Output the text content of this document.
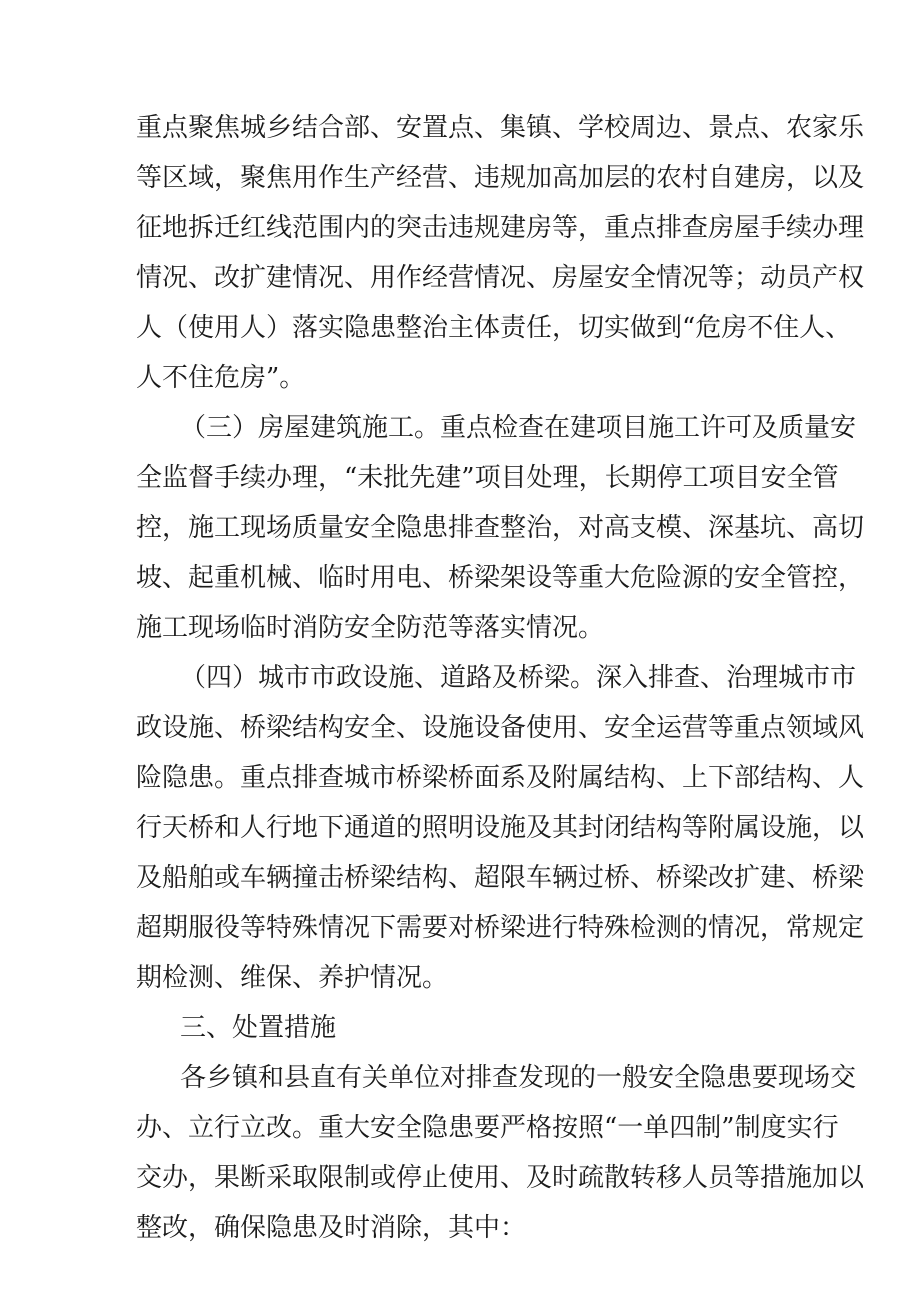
重点聚焦城乡结合部、安置点、集镇、学校周边、景点、农家乐
等区域，聚焦用作生产经营、违规加高加层的农村自建房，以及
征地拆迁红线范围内的突击违规建房等，重点排查房屋手续办理
情况、改扩建情况、用作经营情况、房屋安全情况等；动员产权
人（使用人）落实隐患整治主体责任，切实做到“危房不住人、
人不住危房”。
（三）房屋建筑施工。重点检查在建项目施工许可及质量安
全监督手续办理，“未批先建”项目处理，长期停工项目安全管
控，施工现场质量安全隐患排查整治，对高支模、深基坑、高切
坡、起重机械、临时用电、桥梁架设等重大危险源的安全管控，
施工现场临时消防安全防范等落实情况。
（四）城市市政设施、道路及桥梁。深入排查、治理城市市
政设施、桥梁结构安全、设施设备使用、安全运营等重点领域风
险隐患。重点排查城市桥梁桥面系及附属结构、上下部结构、人
行天桥和人行地下通道的照明设施及其封闭结构等附属设施，以
及船舶或车辆撞击桥梁结构、超限车辆过桥、桥梁改扩建、桥梁
超期服役等特殊情况下需要对桥梁进行特殊检测的情况，常规定
期检测、维保、养护情况。
三、处置措施
各乡镇和县直有关单位对排查发现的一般安全隐患要现场交
办、立行立改。重大安全隐患要严格按照“一单四制”制度实行
交办，果断采取限制或停止使用、及时疏散转移人员等措施加以
整改，确保隐患及时消除，其中：
